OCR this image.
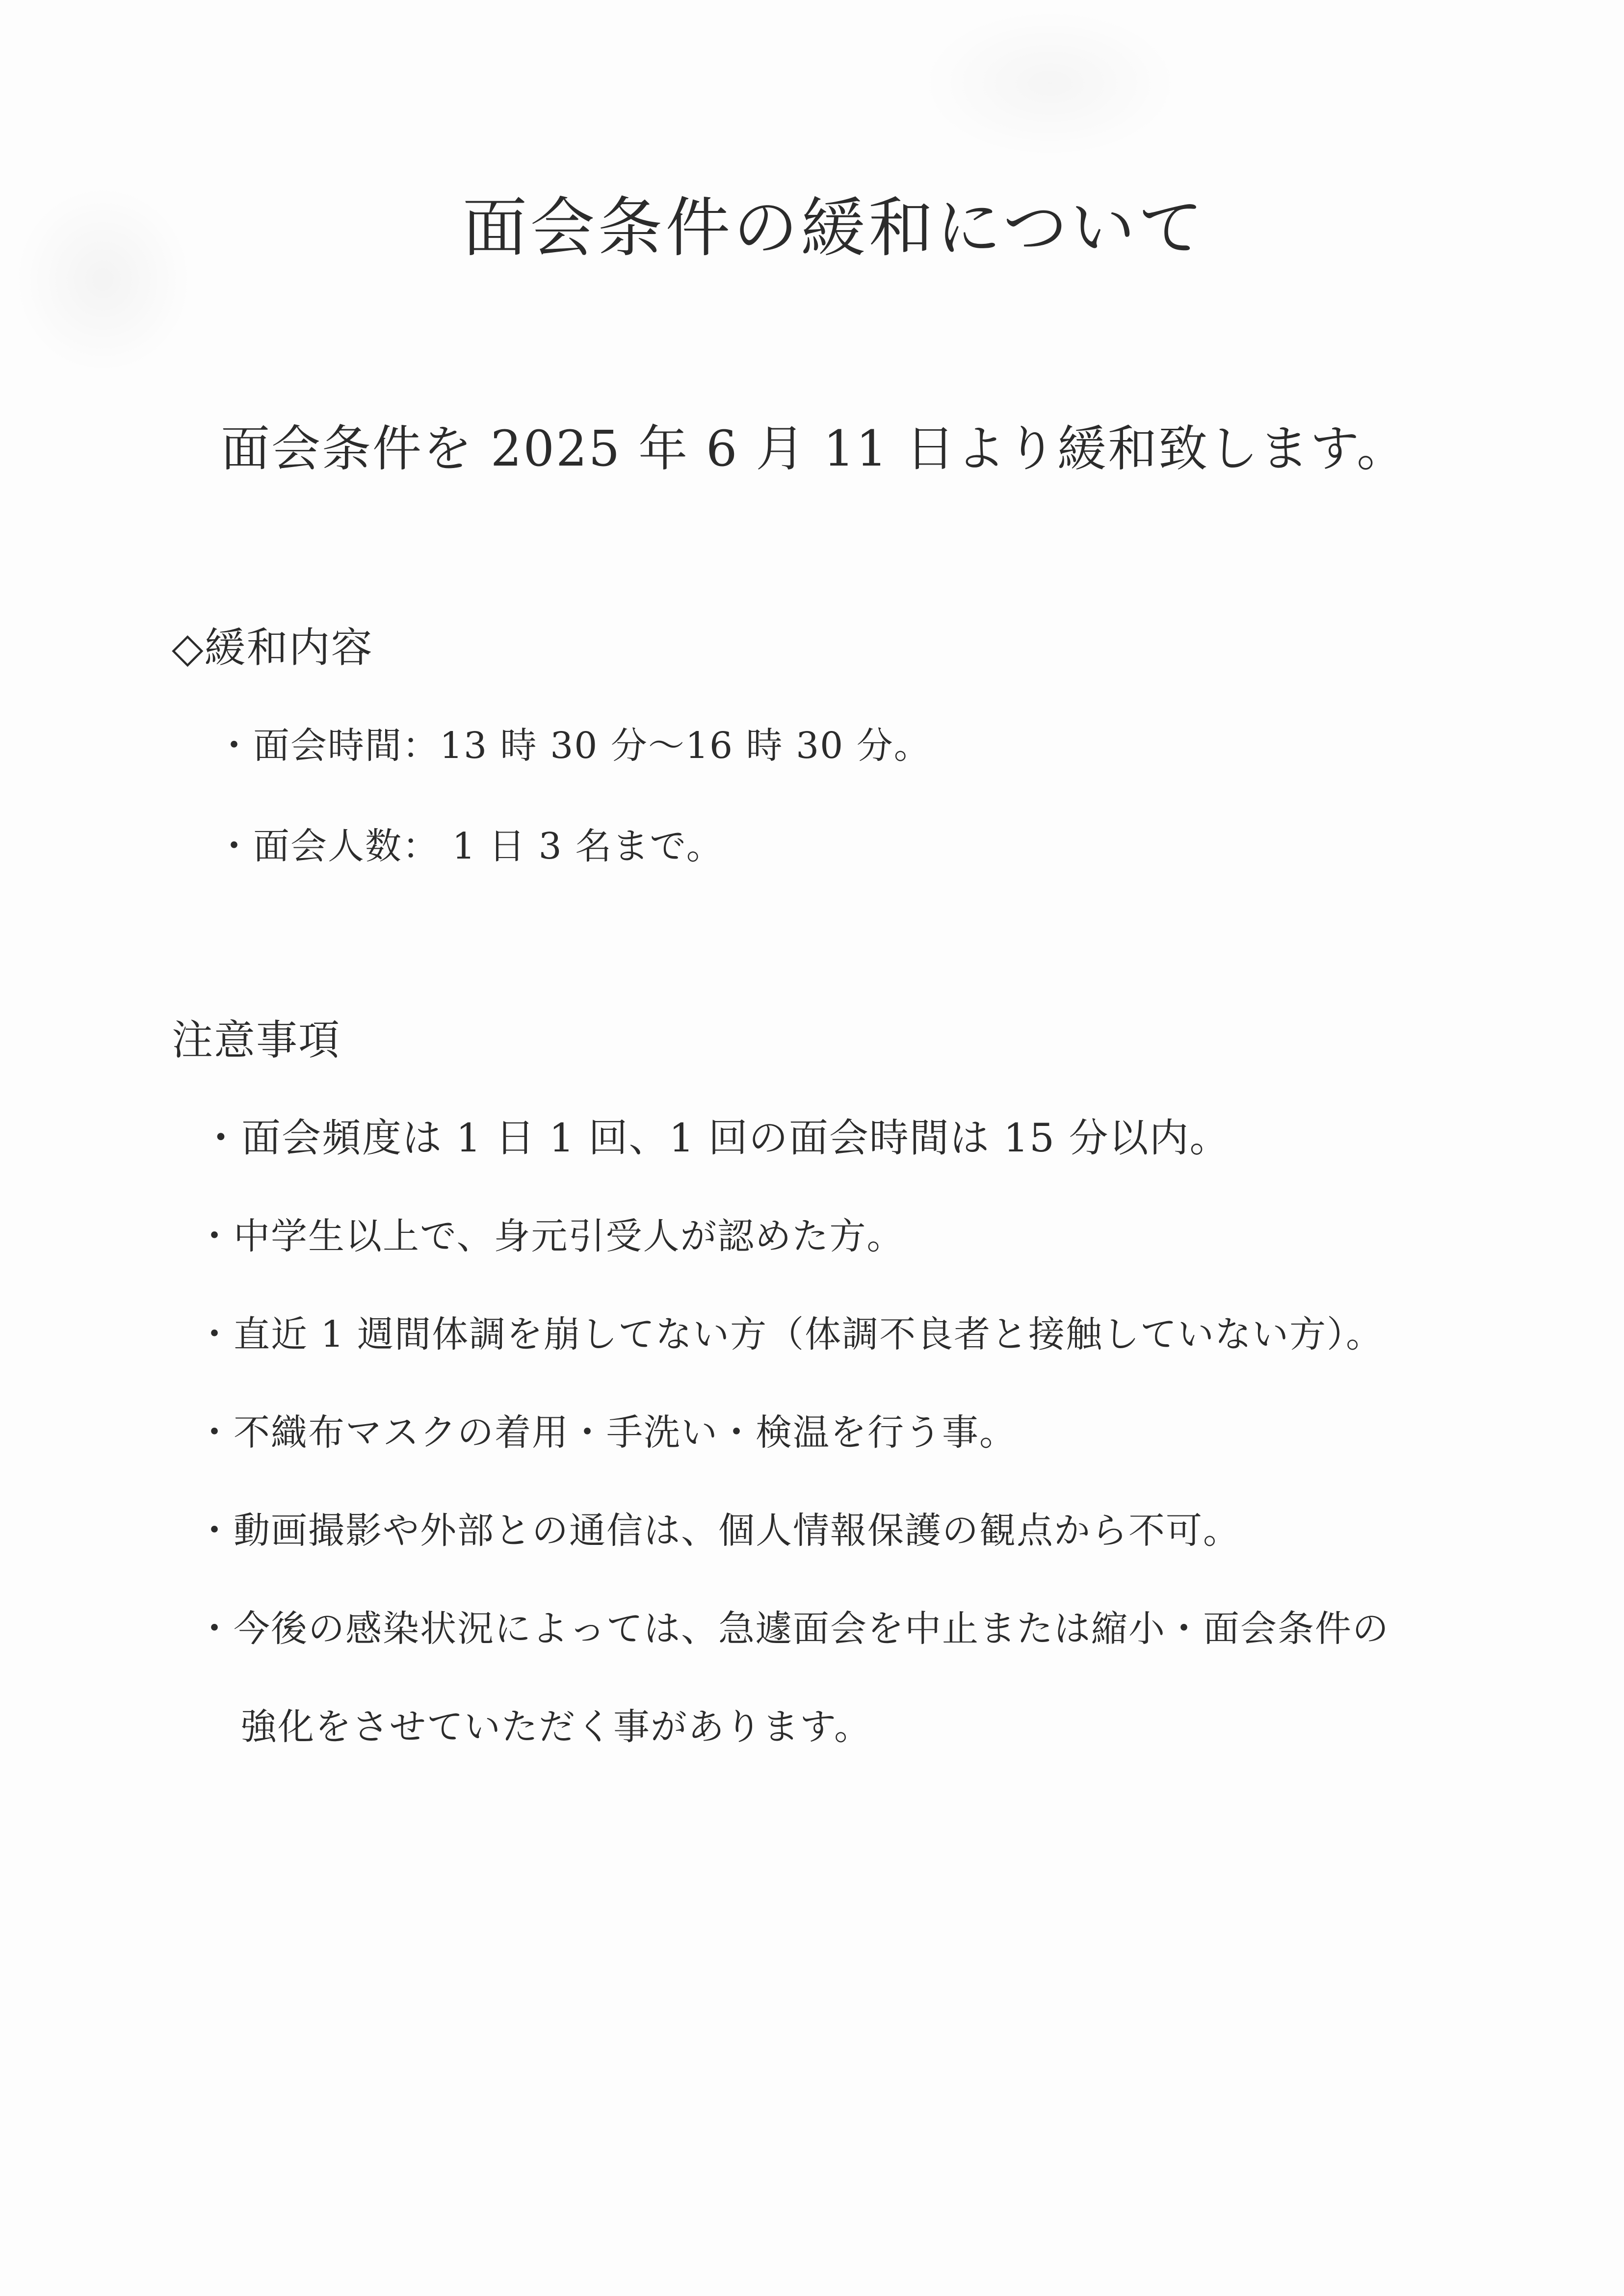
面会条件の緩和について
面会条件を 2025 年 6 月 11 日より緩和致します。
◇緩和内容
・面会時間：13 時 30 分～16 時 30 分。
・面会人数： 1 日 3 名まで。
注意事項
・面会頻度は 1 日 1 回、1 回の面会時間は 15 分以内。
・中学生以上で、身元引受人が認めた方。
・直近 1 週間体調を崩してない方（体調不良者と接触していない方）。
・不織布マスクの着用・手洗い・検温を行う事。
・動画撮影や外部との通信は、個人情報保護の観点から不可。
・今後の感染状況によっては、急遽面会を中止または縮小・面会条件の
強化をさせていただく事があります。
